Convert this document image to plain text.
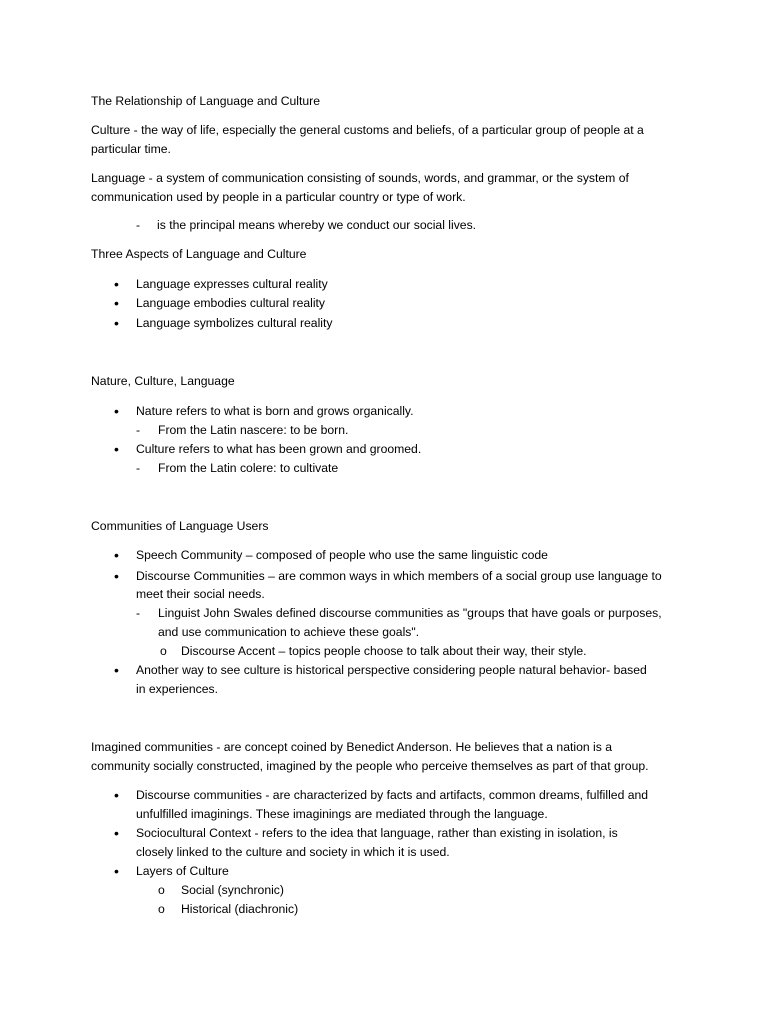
The Relationship of Language and Culture

Culture - the way of life, especially the general customs and beliefs, of a particular group of people at a

particular time.

Language - a system of communication consisting of sounds, words, and grammar, or the system of

communication used by people in a particular country or type of work.

- is the principal means whereby we conduct our social lives.

Three Aspects of Language and Culture

•

Language expresses cultural reality

•

Language embodies cultural reality

•

Language symbolizes cultural reality

Nature, Culture, Language

•

Nature refers to what is born and grows organically.

- From the Latin nascere: to be born.

•

Culture refers to what has been grown and groomed.

- From the Latin colere: to cultivate

Communities of Language Users

•

Speech Community – composed of people who use the same linguistic code

•

Discourse Communities – are common ways in which members of a social group use language to

meet their social needs.

- Linguist John Swales defined discourse communities as "groups that have goals or purposes,

and use communication to achieve these goals".

o Discourse Accent – topics people choose to talk about their way, their style.

•

Another way to see culture is historical perspective considering people natural behavior- based

in experiences.

Imagined communities - are concept coined by Benedict Anderson. He believes that a nation is a

community socially constructed, imagined by the people who perceive themselves as part of that group.

•

Discourse communities - are characterized by facts and artifacts, common dreams, fulfilled and

unfulfilled imaginings. These imaginings are mediated through the language.

•

Sociocultural Context - refers to the idea that language, rather than existing in isolation, is

closely linked to the culture and society in which it is used.

•

Layers of Culture

o Social (synchronic)

o Historical (diachronic)
